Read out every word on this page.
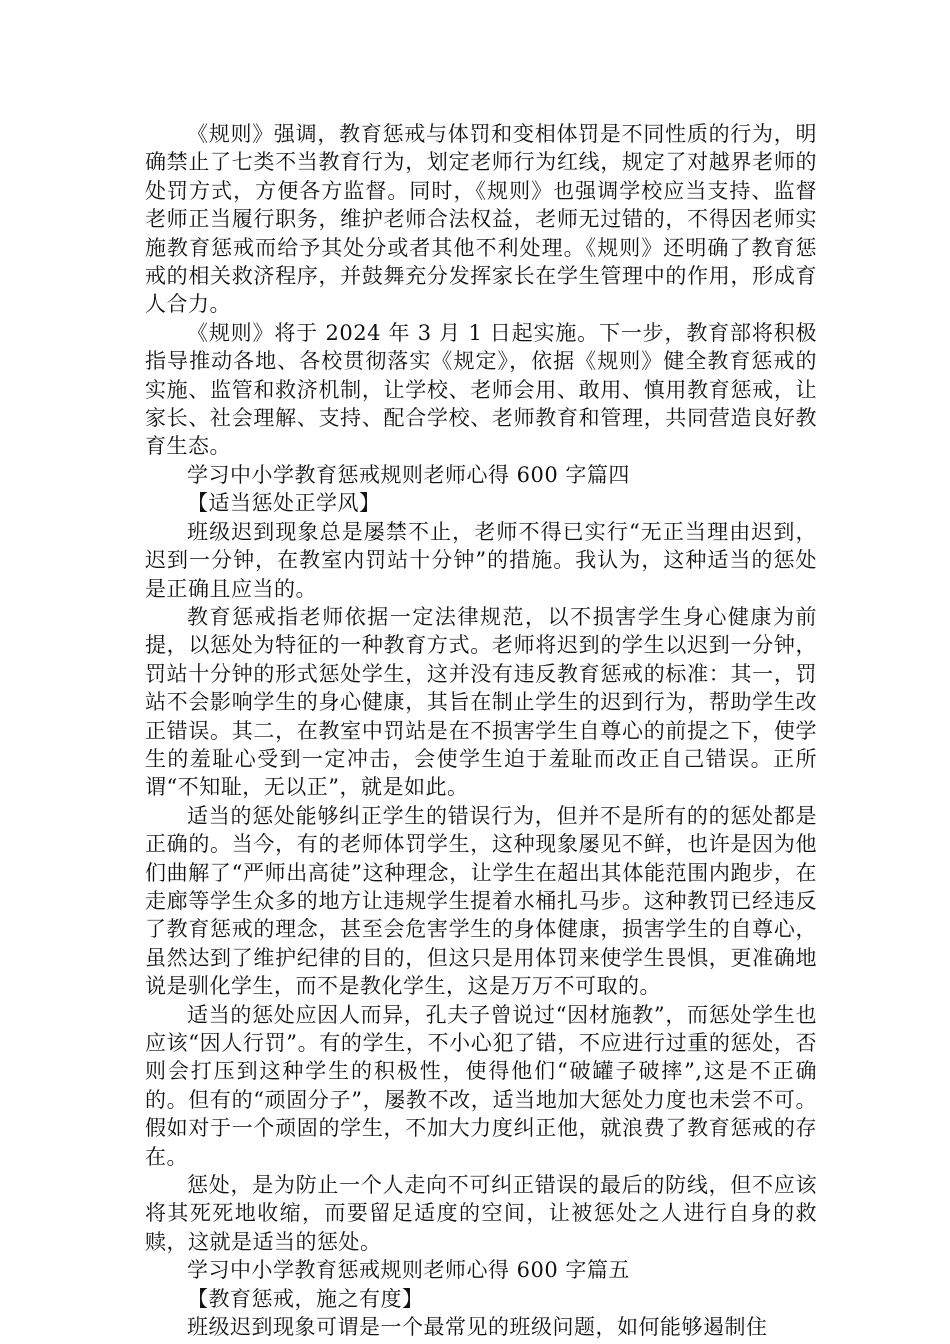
《规则》强调，教育惩戒与体罚和变相体罚是不同性质的行为，明确禁止了七类不当教育行为，划定老师行为红线，规定了对越界老师的处罚方式，方便各方监督。同时，《规则》也强调学校应当支持、监督老师正当履行职务，维护老师合法权益，老师无过错的，不得因老师实施教育惩戒而给予其处分或者其他不利处理。《规则》还明确了教育惩戒的相关救济程序，并鼓舞充分发挥家长在学生管理中的作用，形成育人合力。

《规则》将于 2024 年 3 月 1 日起实施。下一步，教育部将积极指导推动各地、各校贯彻落实《规定》，依据《规则》健全教育惩戒的实施、监管和救济机制，让学校、老师会用、敢用、慎用教育惩戒，让家长、社会理解、支持、配合学校、老师教育和管理，共同营造良好教育生态。

学习中小学教育惩戒规则老师心得 600 字篇四

【适当惩处正学风】

班级迟到现象总是屡禁不止，老师不得已实行“无正当理由迟到，迟到一分钟，在教室内罚站十分钟”的措施。我认为，这种适当的惩处是正确且应当的。

教育惩戒指老师依据一定法律规范，以不损害学生身心健康为前提，以惩处为特征的一种教育方式。老师将迟到的学生以迟到一分钟，罚站十分钟的形式惩处学生，这并没有违反教育惩戒的标准：其一，罚站不会影响学生的身心健康，其旨在制止学生的迟到行为，帮助学生改正错误。其二，在教室中罚站是在不损害学生自尊心的前提之下，使学生的羞耻心受到一定冲击，会使学生迫于羞耻而改正自己错误。正所谓“不知耻，无以正”，就是如此。

适当的惩处能够纠正学生的错误行为，但并不是所有的的惩处都是正确的。当今，有的老师体罚学生，这种现象屡见不鲜，也许是因为他们曲解了“严师出高徒”这种理念，让学生在超出其体能范围内跑步，在走廊等学生众多的地方让违规学生提着水桶扎马步。这种教罚已经违反了教育惩戒的理念，甚至会危害学生的身体健康，损害学生的自尊心，虽然达到了维护纪律的目的，但这只是用体罚来使学生畏惧，更准确地说是驯化学生，而不是教化学生，这是万万不可取的。

适当的惩处应因人而异，孔夫子曾说过“因材施教”，而惩处学生也应该“因人行罚”。有的学生，不小心犯了错，不应进行过重的惩处，否则会打压到这种学生的积极性，使得他们“破罐子破摔”,这是不正确的。但有的“顽固分子”，屡教不改，适当地加大惩处力度也未尝不可。假如对于一个顽固的学生，不加大力度纠正他，就浪费了教育惩戒的存在。

惩处，是为防止一个人走向不可纠正错误的最后的防线，但不应该将其死死地收缩，而要留足适度的空间，让被惩处之人进行自身的救赎，这就是适当的惩处。

学习中小学教育惩戒规则老师心得 600 字篇五

【教育惩戒，施之有度】

班级迟到现象可谓是一个最常见的班级问题，如何能够遏制住
